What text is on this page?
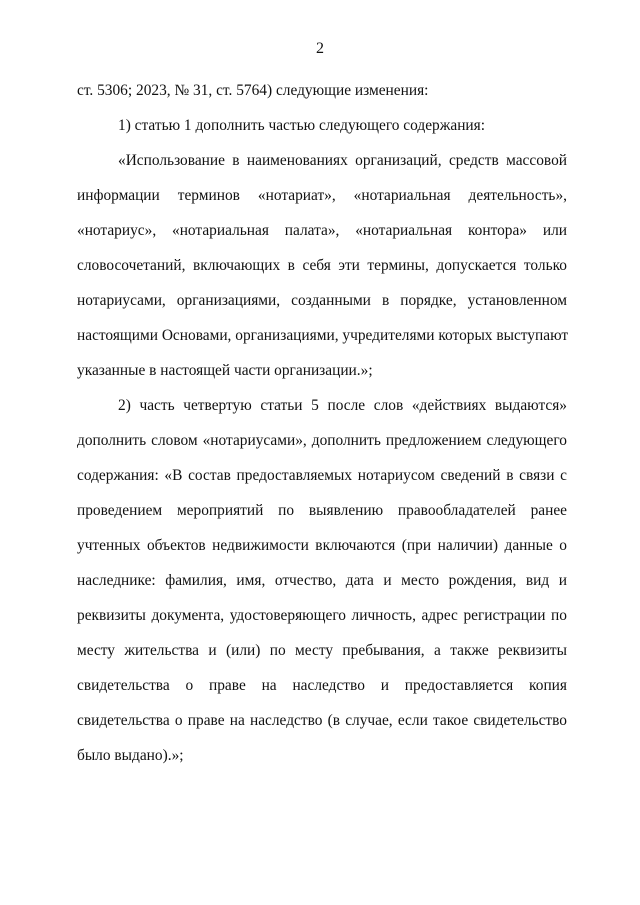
2
ст. 5306; 2023, № 31, ст. 5764) следующие изменения:
1) статью 1 дополнить частью следующего содержания:
«Использование в наименованиях организаций, средств массовой
информации терминов «нотариат», «нотариальная деятельность»,
«нотариус», «нотариальная палата», «нотариальная контора» или
словосочетаний, включающих в себя эти термины, допускается только
нотариусами, организациями, созданными в порядке, установленном
настоящими Основами, организациями, учредителями которых выступают
указанные в настоящей части организации.»;
2) часть четвертую статьи 5 после слов «действиях выдаются»
дополнить словом «нотариусами», дополнить предложением следующего
содержания: «В состав предоставляемых нотариусом сведений в связи с
проведением мероприятий по выявлению правообладателей ранее
учтенных объектов недвижимости включаются (при наличии) данные о
наследнике: фамилия, имя, отчество, дата и место рождения, вид и
реквизиты документа, удостоверяющего личность, адрес регистрации по
месту жительства и (или) по месту пребывания, а также реквизиты
свидетельства о праве на наследство и предоставляется копия
свидетельства о праве на наследство (в случае, если такое свидетельство
было выдано).»;
